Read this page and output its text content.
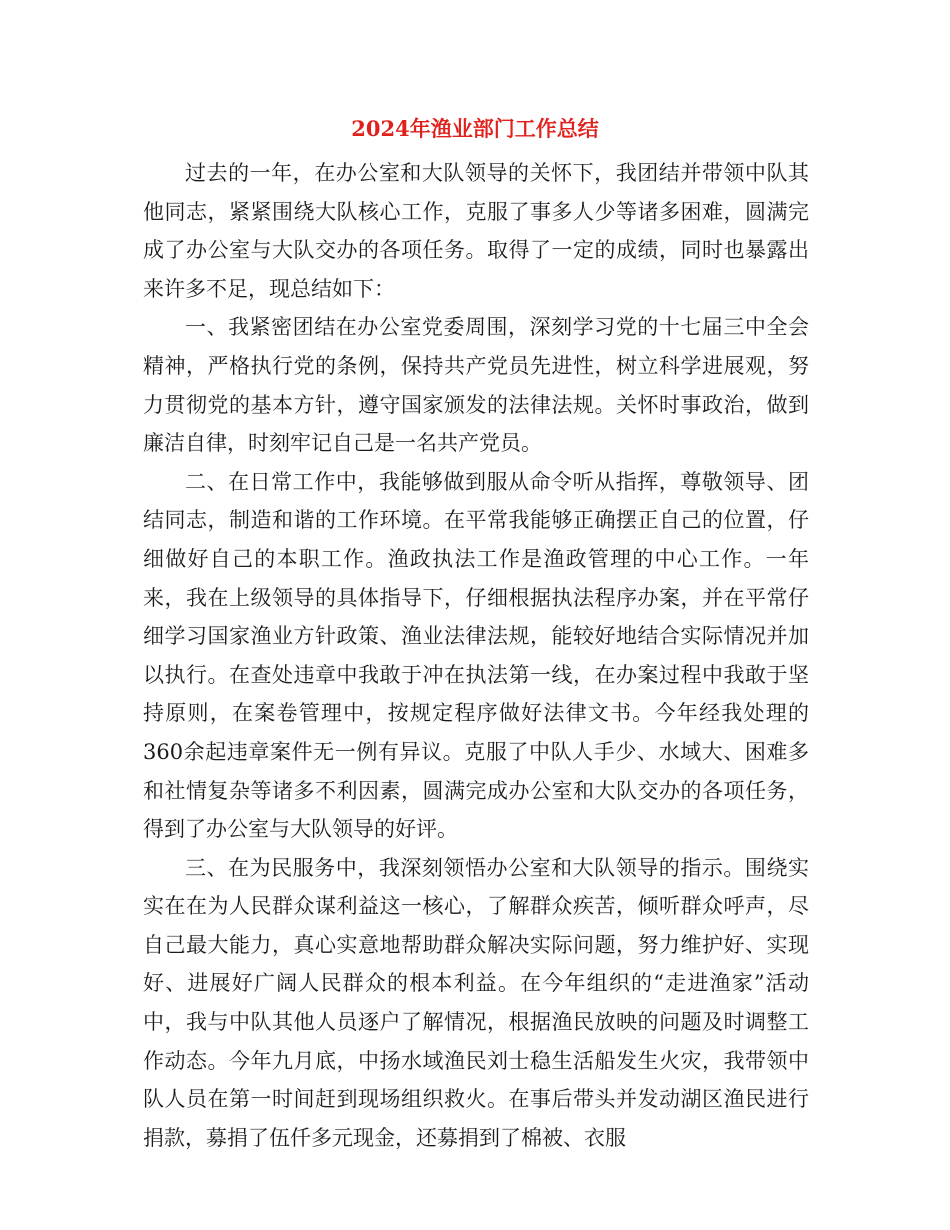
2024年渔业部门工作总结

过去的一年，在办公室和大队领导的关怀下，我团结并带领中队其他同志，紧紧围绕大队核心工作，克服了事多人少等诸多困难，圆满完成了办公室与大队交办的各项任务。取得了一定的成绩，同时也暴露出来许多不足，现总结如下：

一、我紧密团结在办公室党委周围，深刻学习党的十七届三中全会精神，严格执行党的条例，保持共产党员先进性，树立科学进展观，努力贯彻党的基本方针，遵守国家颁发的法律法规。关怀时事政治，做到廉洁自律，时刻牢记自己是一名共产党员。

二、在日常工作中，我能够做到服从命令听从指挥，尊敬领导、团结同志，制造和谐的工作环境。在平常我能够正确摆正自己的位置，仔细做好自己的本职工作。渔政执法工作是渔政管理的中心工作。一年来，我在上级领导的具体指导下，仔细根据执法程序办案，并在平常仔细学习国家渔业方针政策、渔业法律法规，能较好地结合实际情况并加以执行。在查处违章中我敢于冲在执法第一线，在办案过程中我敢于坚持原则，在案卷管理中，按规定程序做好法律文书。今年经我处理的360余起违章案件无一例有异议。克服了中队人手少、水域大、困难多和社情复杂等诸多不利因素，圆满完成办公室和大队交办的各项任务，得到了办公室与大队领导的好评。

三、在为民服务中，我深刻领悟办公室和大队领导的指示。围绕实实在在为人民群众谋利益这一核心，了解群众疾苦，倾听群众呼声，尽自己最大能力，真心实意地帮助群众解决实际问题，努力维护好、实现好、进展好广阔人民群众的根本利益。在今年组织的“走进渔家”活动中，我与中队其他人员逐户了解情况，根据渔民放映的问题及时调整工作动态。今年九月底，中扬水域渔民刘士稳生活船发生火灾，我带领中队人员在第一时间赶到现场组织救火。在事后带头并发动湖区渔民进行捐款，募捐了伍仟多元现金，还募捐到了棉被、衣服
